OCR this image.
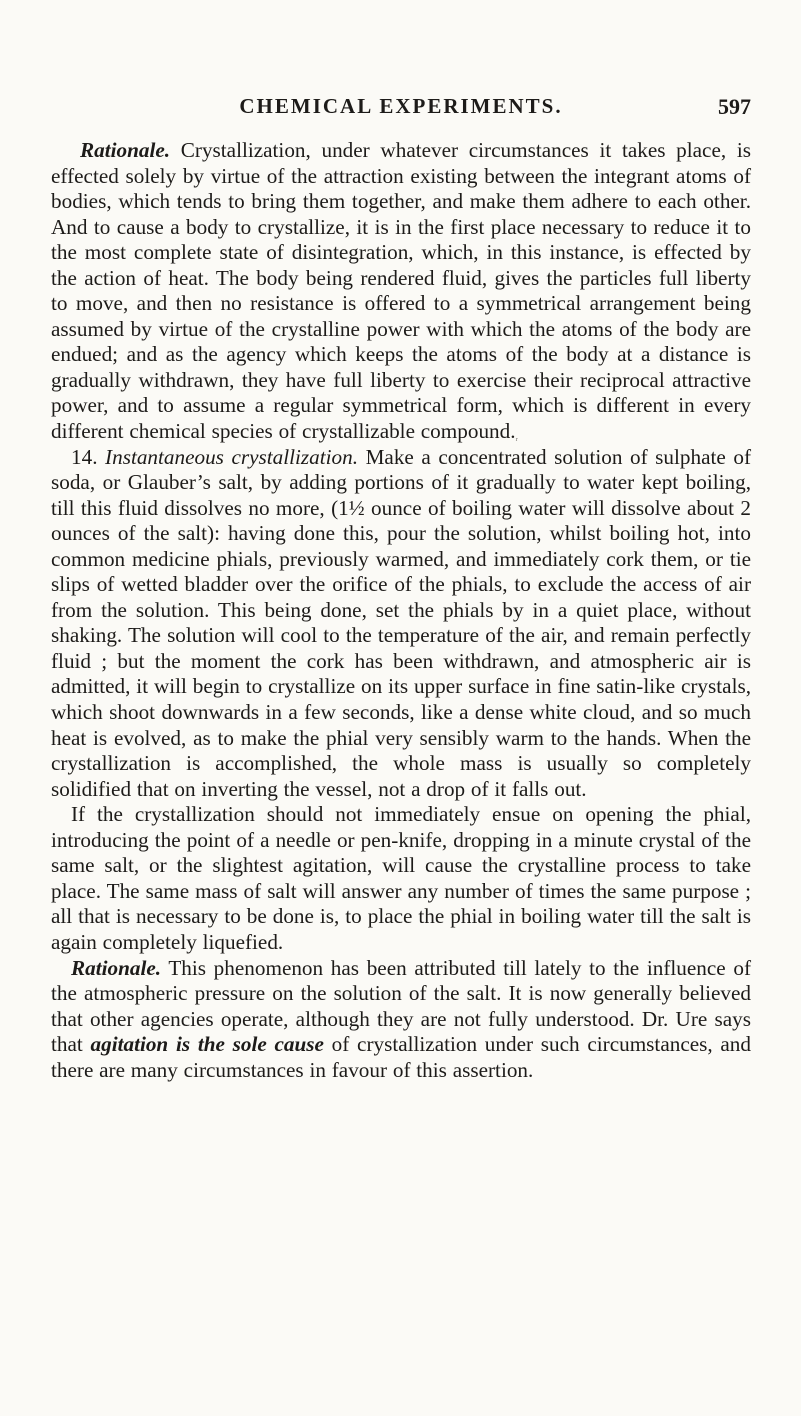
CHEMICAL EXPERIMENTS.	597

Rationale. Crystallization, under whatever circumstances it takes place, is effected solely by virtue of the attraction existing between the integrant atoms of bodies, which tends to bring them together, and make them adhere to each other. And to cause a body to crystallize, it is in the first place necessary to reduce it to the most complete state of disintegration, which, in this instance, is effected by the action of heat. The body being rendered fluid, gives the particles full liberty to move, and then no resistance is offered to a symmetrical arrangement being assumed by virtue of the crystalline power with which the atoms of the body are endued; and as the agency which keeps the atoms of the body at a distance is gradually withdrawn, they have full liberty to exercise their reciprocal attractive power, and to assume a regular symmetrical form, which is different in every different chemical species of crystallizable compound.ʳ

14. Instantaneous crystallization. Make a concentrated solution of sulphate of soda, or Glauber’s salt, by adding portions of it gradually to water kept boiling, till this fluid dissolves no more, (1½ ounce of boiling water will dissolve about 2 ounces of the salt): having done this, pour the solution, whilst boiling hot, into common medicine phials, previously warmed, and immediately cork them, or tie slips of wetted bladder over the orifice of the phials, to exclude the access of air from the solution. This being done, set the phials by in a quiet place, without shaking. The solution will cool to the temperature of the air, and remain perfectly fluid ; but the moment the cork has been withdrawn, and atmospheric air is admitted, it will begin to crystallize on its upper surface in fine satin-like crystals, which shoot downwards in a few seconds, like a dense white cloud, and so much heat is evolved, as to make the phial very sensibly warm to the hands. When the crystallization is accomplished, the whole mass is usually so completely solidified that on inverting the vessel, not a drop of it falls out.

If the crystallization should not immediately ensue on opening the phial, introducing the point of a needle or pen-knife, dropping in a minute crystal of the same salt, or the slightest agitation, will cause the crystalline process to take place. The same mass of salt will answer any number of times the same purpose ; all that is necessary to be done is, to place the phial in boiling water till the salt is again completely liquefied.

Rationale. This phenomenon has been attributed till lately to the influence of the atmospheric pressure on the solution of the salt. It is now generally believed that other agencies operate, although they are not fully understood. Dr. Ure says that agitation is the sole cause of crystallization under such circumstances, and there are many circumstances in favour of this assertion.
